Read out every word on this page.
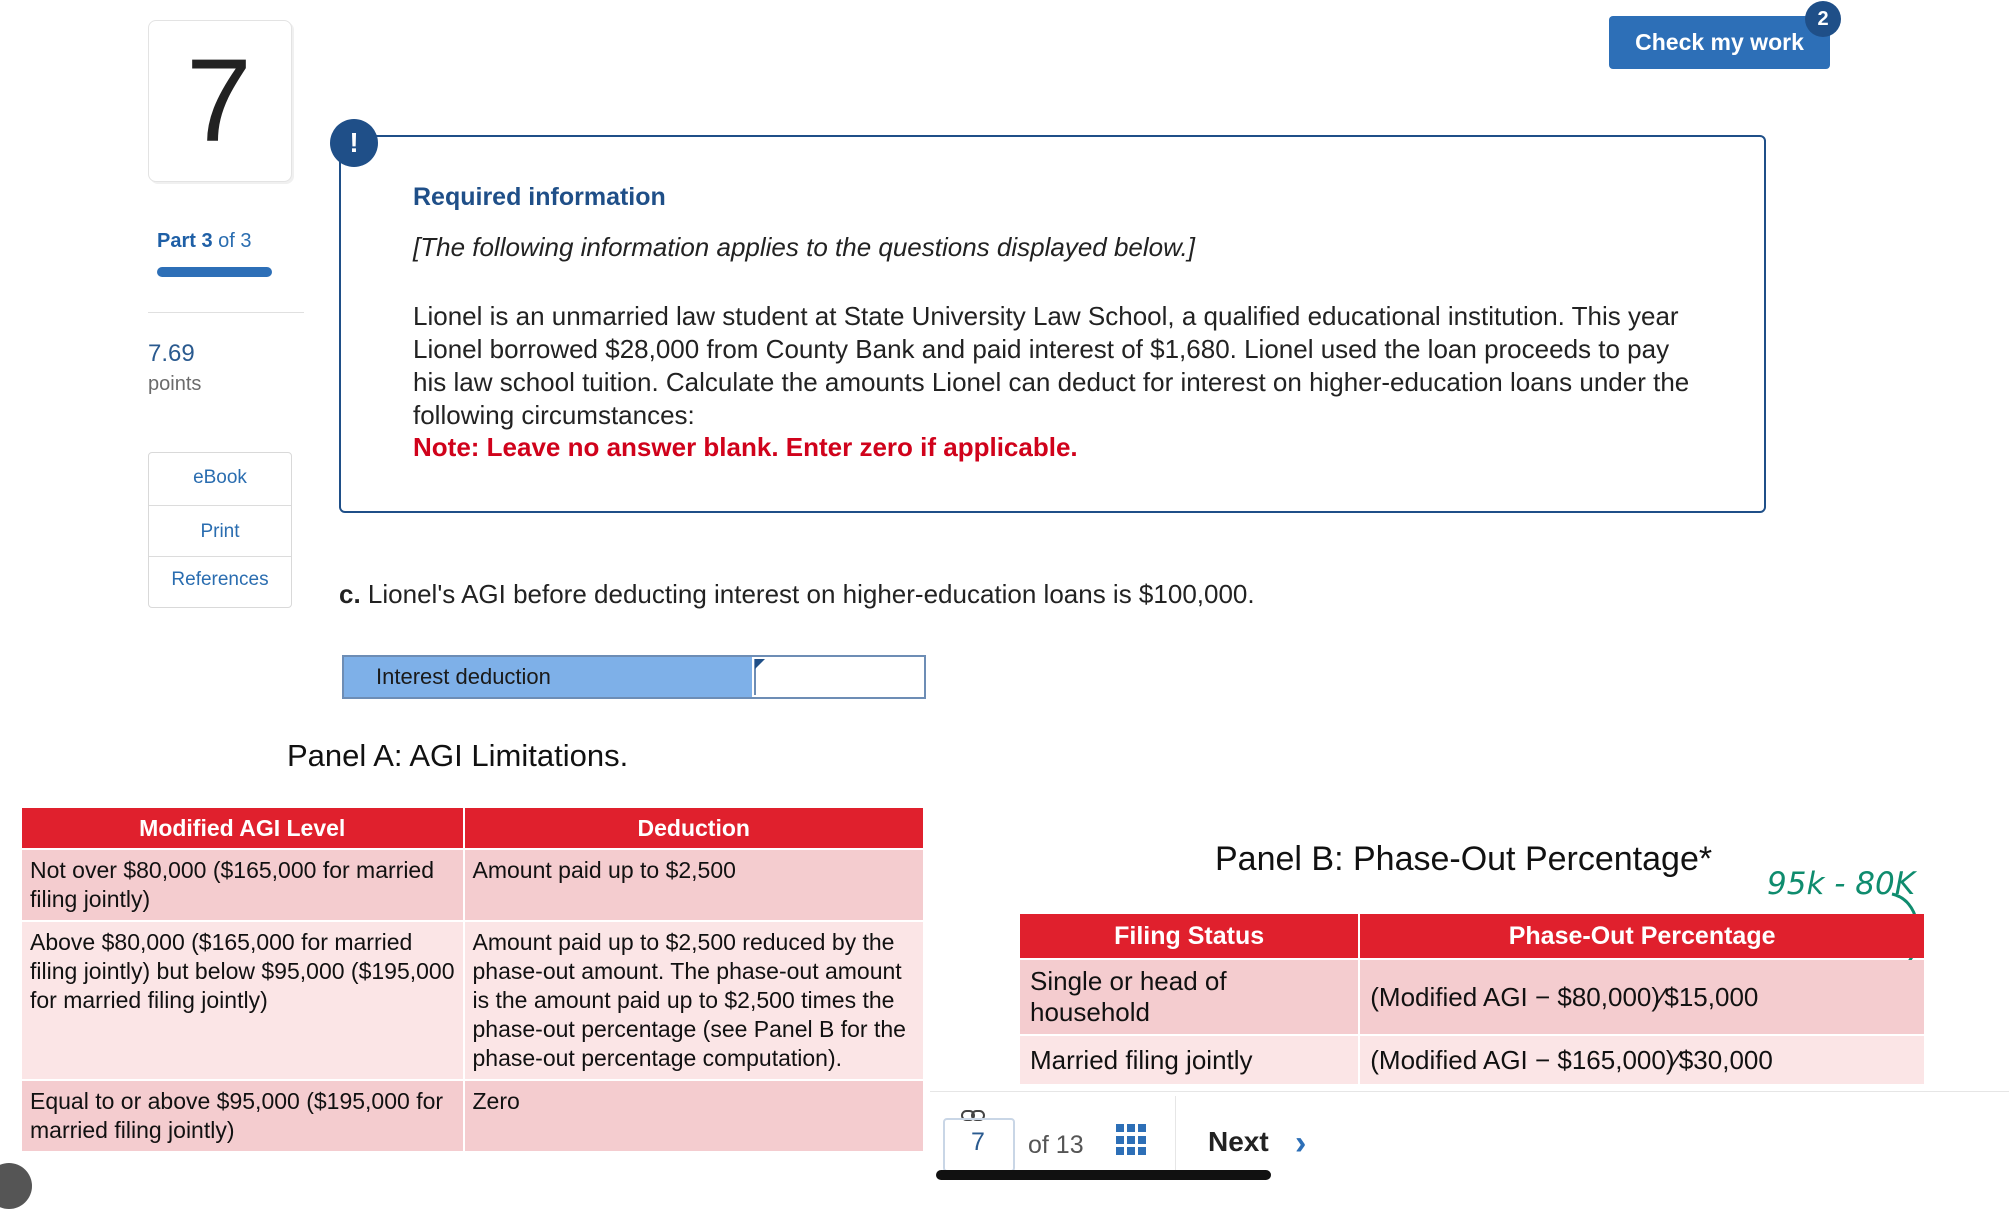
7
Part 3 of 3
7.69
points
eBook
Print
References
Check my work
2
!
Required information
[The following information applies to the questions displayed below.]
Lionel is an unmarried law student at State University Law School, a qualified educational institution. This year Lionel borrowed $28,000 from County Bank and paid interest of $1,680. Lionel used the loan proceeds to pay his law school tuition. Calculate the amounts Lionel can deduct for interest on higher-education loans under the following circumstances:
Note: Leave no answer blank. Enter zero if applicable.
c. Lionel's AGI before deducting interest on higher-education loans is $100,000.
Interest deduction
Panel A: AGI Limitations.
Modified AGI Level	Deduction
Not over $80,000 ($165,000 for married filing jointly)	Amount paid up to $2,500
Above $80,000 ($165,000 for married filing jointly) but below $95,000 ($195,000 for married filing jointly)	Amount paid up to $2,500 reduced by the phase-out amount. The phase-out amount is the amount paid up to $2,500 times the phase-out percentage (see Panel B for the phase-out percentage computation).
Equal to or above $95,000 ($195,000 for married filing jointly)	Zero
Panel B: Phase-Out Percentage*
95k - 80K
Filing Status	Phase-Out Percentage
Single or head of household	(Modified AGI − $80,000)∕$15,000
Married filing jointly	(Modified AGI − $165,000)∕$30,000
7	of 13	Next ›
